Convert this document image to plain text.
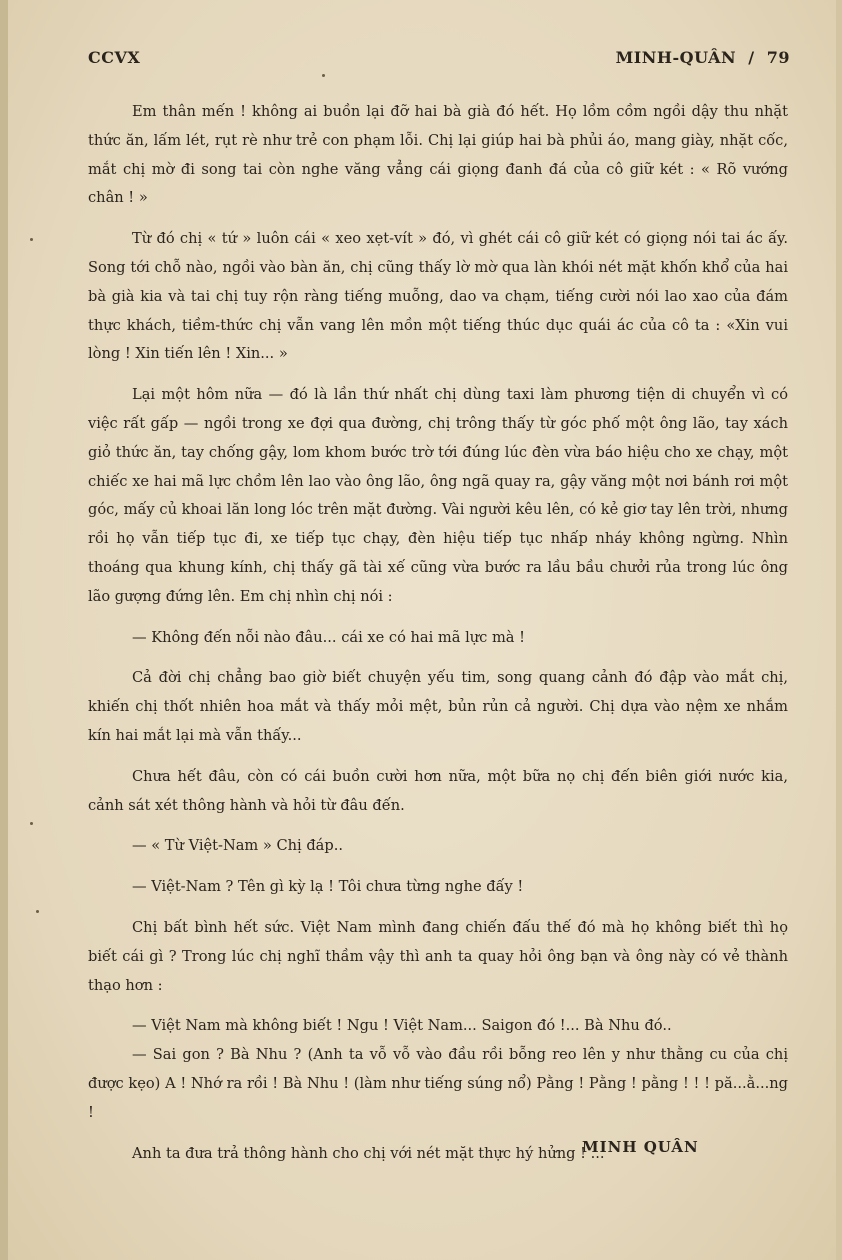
CCVX	MINH-QUÂN  /  79

Em thân mến ! không ai buồn lại đỡ hai bà già đó hết. Họ lồm cồm ngồi dậy thu nhặt thức ăn, lấm lét, rụt rè như trẻ con phạm lỗi. Chị lại giúp hai bà phủi áo, mang giày, nhặt cốc, mắt chị mờ đi song tai còn nghe văng vẳng cái giọng đanh đá của cô giữ két : « Rõ vướng chân ! »

Từ đó chị « tứ » luôn cái « xeo xẹt-vít » đó, vì ghét cái cô giữ két có giọng nói tai ác ấy. Song tới chỗ nào, ngồi vào bàn ăn, chị cũng thấy lờ mờ qua làn khói nét mặt khốn khổ của hai bà già kia và tai chị tuy rộn ràng tiếng muỗng, dao va chạm, tiếng cười nói lao xao của đám thực khách, tiềm-thức chị vẫn vang lên mồn một tiếng thúc dục quái ác của cô ta : «Xin vui lòng ! Xin tiến lên ! Xin... »

Lại một hôm nữa — đó là lần thứ nhất chị dùng taxi làm phương tiện di chuyển vì có việc rất gấp — ngồi trong xe đợi qua đường, chị trông thấy từ góc phố một ông lão, tay xách giỏ thức ăn, tay chống gậy, lom khom bước trờ tới đúng lúc đèn vừa báo hiệu cho xe chạy, một chiếc xe hai mã lực chồm lên lao vào ông lão, ông ngã quay ra, gậy văng một nơi bánh rơi một góc, mấy củ khoai lăn long lóc trên mặt đường. Vài người kêu lên, có kẻ giơ tay lên trời, nhưng rồi họ vẫn tiếp tục đi, xe tiếp tục chạy, đèn hiệu tiếp tục nhấp nháy không ngừng. Nhìn thoáng qua khung kính, chị thấy gã tài xế cũng vừa bước ra lầu bầu chưởi rủa trong lúc ông lão gượng đứng lên. Em chị nhìn chị nói :

— Không đến nỗi nào đâu... cái xe có hai mã lực mà !

Cả đời chị chẳng bao giờ biết chuyện yếu tim, song quang cảnh đó đập vào mắt chị, khiến chị thốt nhiên hoa mắt và thấy mỏi mệt, bủn rủn cả người. Chị dựa vào nệm xe nhắm kín hai mắt lại mà vẫn thấy...

Chưa hết đâu, còn có cái buồn cười hơn nữa, một bữa nọ chị đến biên giới nước kia, cảnh sát xét thông hành và hỏi từ đâu đến.

— « Từ Việt-Nam » Chị đáp..

— Việt-Nam ? Tên gì kỳ lạ ! Tôi chưa từng nghe đấy !

Chị bất bình hết sức. Việt Nam mình đang chiến đấu thế đó mà họ không biết thì họ biết cái gì ? Trong lúc chị nghĩ thầm vậy thì anh ta quay hỏi ông bạn và ông này có vẻ thành thạo hơn :

— Việt Nam mà không biết ! Ngu ! Việt Nam... Saigon đó !... Bà Nhu đó..

— Sai gon ? Bà Nhu ? (Anh ta vỗ vỗ vào đầu rồi bỗng reo lên y như thằng cu của chị được kẹo) A ! Nhớ ra rồi ! Bà Nhu ! (làm như tiếng súng nổ) Pằng ! Pằng ! pằng ! ! ! pă...ằ...ng !

Anh ta đưa trả thông hành cho chị với nét mặt thực hý hửng ! ...

MINH QUÂN
